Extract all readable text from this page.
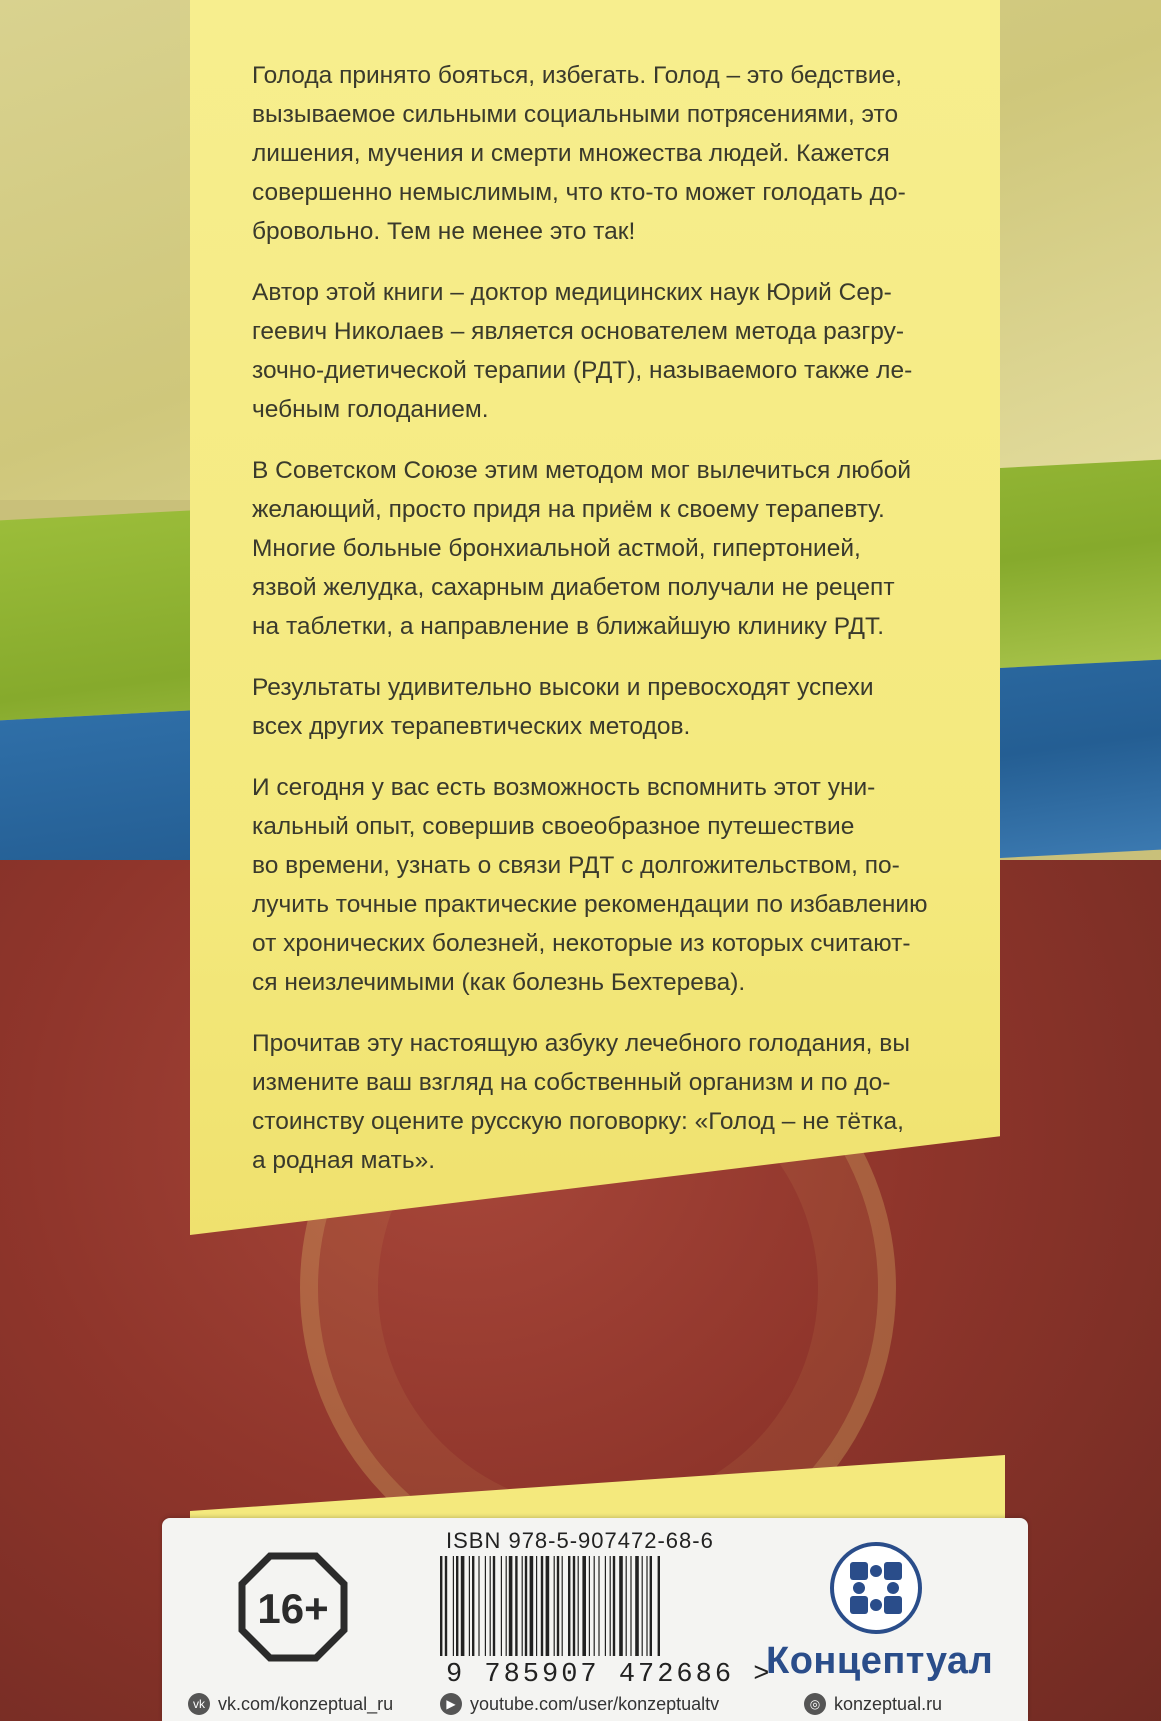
Голода принято бояться, избегать. Голод – это бедствие,
вызываемое сильными социальными потрясениями, это
лишения, мучения и смерти множества людей. Кажется
совершенно немыслимым, что кто-то может голодать до-
бровольно. Тем не менее это так!

Автор этой книги – доктор медицинских наук Юрий Сер-
геевич Николаев – является основателем метода разгру-
зочно-диетической терапии (РДТ), называемого также ле-
чебным голоданием.

В Советском Союзе этим методом мог вылечиться любой
желающий, просто придя на приём к своему терапевту.
Многие больные бронхиальной астмой, гипертонией,
язвой желудка, сахарным диабетом получали не рецепт
на таблетки, а направление в ближайшую клинику РДТ.

Результаты удивительно высоки и превосходят успехи
всех других терапевтических методов.

И сегодня у вас есть возможность вспомнить этот уни-
кальный опыт, совершив своеобразное путешествие
во времени, узнать о связи РДТ с долгожительством, по-
лучить точные практические рекомендации по избавлению
от хронических болезней, некоторые из которых считают-
ся неизлечимыми (как болезнь Бехтерева).

Прочитав эту настоящую азбуку лечебного голодания, вы
измените ваш взгляд на собственный организм и по до-
стоинству оцените русскую поговорку: «Голод – не тётка,
а родная мать».

ISBN 978-5-907472-68-6
9 785907 472686 >
16+
Концептуал
vk vk.com/konzeptual_ru	▶ youtube.com/user/konzeptualtv	◎ konzeptual.ru
